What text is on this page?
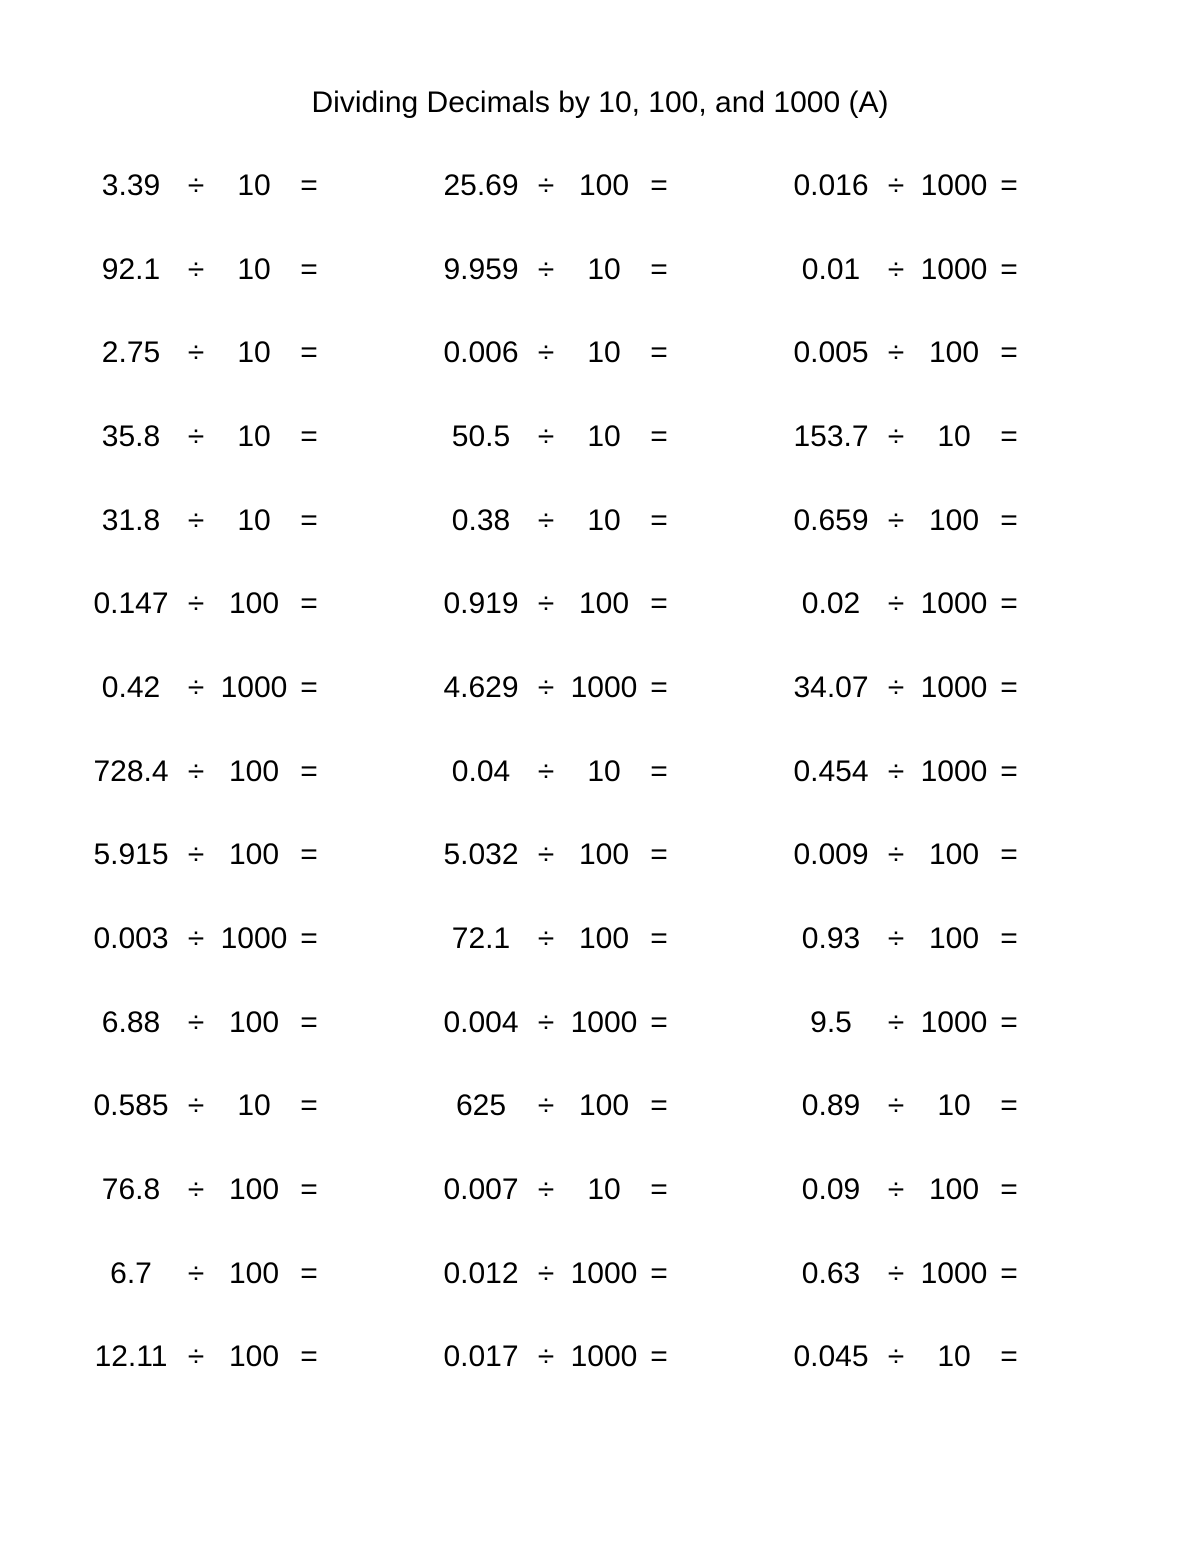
Dividing Decimals by 10, 100, and 1000 (A)
3.39 ÷	10 =	25.69 ÷ 100 =	0.016 ÷ 1000 =
92.1 ÷	10 =	9.959 ÷	10 =	0.01 ÷ 1000 =
2.75 ÷	10 =	0.006 ÷	10 =	0.005 ÷ 100 =
35.8 ÷	10 =	50.5 ÷	10 =	153.7 ÷	10 =
31.8 ÷	10 =	0.38 ÷	10 =	0.659 ÷ 100 =
0.147 ÷ 100 =	0.919 ÷ 100 =	0.02 ÷ 1000 =
0.42 ÷ 1000 =	4.629 ÷ 1000 =	34.07 ÷ 1000 =
728.4 ÷ 100 =	0.04 ÷	10 =	0.454 ÷ 1000 =
5.915 ÷ 100 =	5.032 ÷ 100 =	0.009 ÷ 100 =
0.003 ÷ 1000 =	72.1 ÷ 100 =	0.93 ÷ 100 =
6.88 ÷ 100 =	0.004 ÷ 1000 =	9.5	÷ 1000 =
0.585 ÷	10 =	625	÷ 100 =	0.89 ÷	10 =
76.8 ÷ 100 =	0.007 ÷	10 =	0.09 ÷ 100 =
6.7	÷ 100 =	0.012 ÷ 1000 =	0.63 ÷ 1000 =
12.11 ÷ 100 =	0.017 ÷ 1000 =	0.045 ÷	10 =
